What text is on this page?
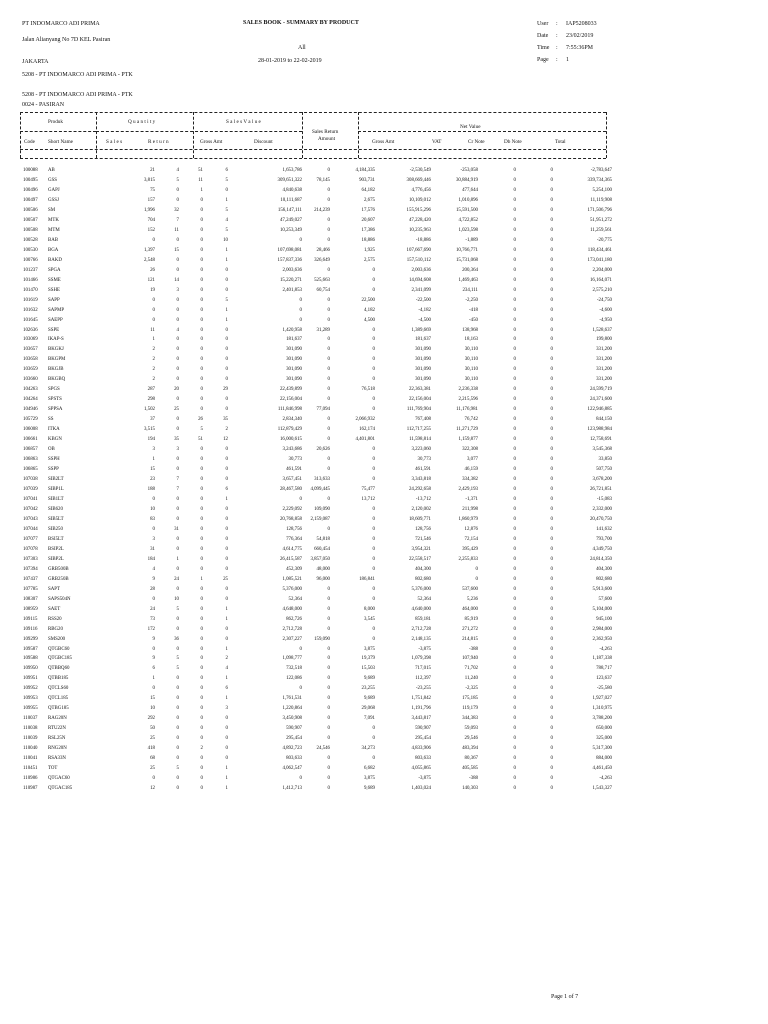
PT INDOMARCO ADI PRIMA
Jalan Alianyang No 7D KEL Pasiran
JAKARTA
SALES BOOK - SUMMARY BY PRODUCT
All
28-01-2019 to 22-02-2019
User : IAP5208033
Date : 23/02/2019
Time : 7:55:36PM
Page : 1
5208 - PT INDOMARCO ADI PRIMA - PTK
5208 - PT INDOMARCO ADI PRIMA - PTK
0024 - PASIRAN
Produk
Code	Short Name
Q u a n t i t y
S a l e s	R e t u r n
S a l e s V a l u e
Gross Amt	Discount
Sales Return
Amount
Net Value
Gross Amt	VAT	Cr Note	Db Note	Total
100088 AB	21	4	51	6	1,653,786	0	4,184,335	-2,530,549	-253,058	0	0	-2,783,647
100495 GSS	3,815	5	11	5	309,651,322	78,145	903,731	308,669,446	30,884,919	0	0	339,734,365
100496 GAPJ	75	0	1	0	4,840,638	0	64,182	4,776,456	477,644	0	0	5,254,100
100497 GSSJ	157	0	0	1	10,111,687	0	2,675	10,109,012	1,010,896	0	0	11,119,908
100506 SM	1,996	32	0	5	156,147,111 214,239	17,576	155,915,296	15,591,500	0	0	171,506,796
100507 MTK	704	7	0	4	47,249,027	0	20,607	47,228,420	4,722,852	0	0	51,951,272
100508 MTM	152	11	0	5	10,253,349	0	17,386	10,235,963	1,023,598	0	0	11,259,561
100528 BAB	0	0	0	10	0	0	18,886	-18,886	-1,889	0	0	-20,775
100530 BGA	1,397	15	0	1	107,698,081	28,466	1,925	107,667,690	10,766,771	0	0	118,434,461
100766 BAKD	2,548	0	0	1	157,837,336 326,649	2,575	157,510,112	15,731,068	0	0	173,041,180
101237 SPGA	26	0	0	0	2,003,636	0	0	2,003,636	200,364	0	0	2,204,000
101466 SSME	121	14	0	0	15,220,271 525,663	0	14,694,608	1,469,463	0	0	16,164,071
101470 SSHE	19	3	0	0	2,401,853	60,754	0	2,341,099	234,111	0	0	2,575,210
101619 SAPP	0	0	0	5	0	0	22,500	-22,500	-2,250	0	0	-24,750
101632 SAPMP	0	0	0	1	0	0	4,182	-4,182	-418	0	0	-4,600
101645 SAEPP	0	0	0	1	0	0	4,500	-4,500	-450	0	0	-4,950
102636 SSPE	11	4	0	0	1,420,958	31,289	0	1,389,669	138,968	0	0	1,528,637
103069 IKAP-S	1	0	0	0	181,637	0	0	181,637	18,163	0	0	199,800
103657 BKGKJ	2	0	0	0	301,090	0	0	301,090	30,110	0	0	331,200
103658 BKGPM	2	0	0	0	301,090	0	0	301,090	30,110	0	0	331,200
103659 BKGJB	2	0	0	0	301,090	0	0	301,090	30,110	0	0	331,200
103660 BKGBQ	2	0	0	0	301,090	0	0	301,090	30,110	0	0	331,200
104263 SPGS	287	20	0	29	22,439,899	0	76,518	22,363,381	2,236,338	0	0	24,599,719
104264 SPSTS	298	0	0	0	22,156,004	0	0	22,156,004	2,215,596	0	0	24,371,600
104946 SPPSA	1,502	25	0	0	111,846,998	77,094	0	111,769,904	11,176,981	0	0	122,946,885
105729 SS	37	0	26	35	2,834,340	0	2,066,932	767,408	76,742	0	0	844,150
106008 ITKA	3,515	0	5	2	112,879,429	0	162,174	112,717,255	11,271,729	0	0	123,988,984
106661 KBGN	194	35	51	12	16,000,615	0	4,401,801	11,598,814	1,159,877	0	0	12,758,691
106857 OB	3	3	0	0	3,243,686	20,626	0	3,223,060	322,308	0	0	3,545,368
106863 SSPH	1	0	0	0	30,773	0	0	30,773	3,077	0	0	33,850
106865 SSPP	15	0	0	0	461,591	0	0	461,591	46,159	0	0	507,750
107038 SIB2LT	23	7	0	0	3,657,451 313,633	0	3,343,818	334,382	0	0	3,678,200
107039 SIBP1L	188	7	0	6	28,467,580 4,099,445	75,477	24,292,658	2,429,193	0	0	26,721,851
107041 SIB1LT	0	0	0	1	0	0	13,712	-13,712	-1,371	0	0	-15,083
107042 SIB620	10	0	0	0	2,229,092 109,090	0	2,120,002	211,998	0	0	2,332,000
107043 SIB5LT	83	0	0	0	20,768,858 2,159,087	0	18,609,771	1,860,979	0	0	20,470,750
107044 SIB250	0	31	0	0	128,756	0	0	128,756	12,876	0	0	141,632
107077 BSI5LT	3	0	0	0	776,364	54,818	0	721,546	72,154	0	0	793,700
107078 BSIP2L	31	0	0	0	4,614,775 660,454	0	3,954,321	395,429	0	0	4,349,750
107303 SIBP2L	184	1	0	0	26,415,587 3,857,050	0	22,558,517	2,255,833	0	0	24,814,350
107394 GRB500B	4	0	0	0	452,309	48,000	0	404,300	0	0	0	404,300
107437 GRB250B	9	24	1	25	1,085,521	96,000	186,841	802,680	0	0	0	802,680
107785 SAPT	28	0	0	0	5,376,000	0	0	5,376,000	537,600	0	0	5,913,600
108307 SAPS504N	0	10	0	0	52,364	0	0	52,364	5,236	0	0	57,600
108959 SAET	24	5	0	1	4,648,000	0	8,000	4,640,000	464,000	0	0	5,104,000
109115 RSS20	73	0	0	1	862,726	0	3,545	859,181	85,919	0	0	945,100
109116 RBG20	172	0	0	0	2,712,728	0	0	2,712,728	271,272	0	0	2,984,000
109299 SMS200	9	36	0	0	2,307,227 159,090	0	2,148,135	214,815	0	0	2,362,950
109587 QTGBC60	0	0	0	1	0	0	3,875	-3,875	-388	0	0	-4,263
109588 QTGBC185	9	5	0	2	1,098,777	0	19,379	1,079,398	107,940	0	0	1,187,338
109950 QTBBQ60	6	5	0	4	732,518	0	15,503	717,015	71,702	0	0	788,717
109951 QTBB185	1	0	0	1	122,086	0	9,689	112,397	11,240	0	0	123,637
109952 QTCLS60	0	0	0	6	0	0	23,255	-23,255	-2,325	0	0	-25,580
109953 QTCL185	15	0	0	1	1,761,531	0	9,689	1,751,842	175,185	0	0	1,927,027
109955 QTBG185	10	0	0	3	1,220,864	0	29,068	1,191,796	119,179	0	0	1,310,975
110037 RAG20N	292	0	0	0	3,450,908	0	7,091	3,443,817	344,383	0	0	3,788,200
110038 RTU22N	50	0	0	0	590,907	0	0	590,907	59,093	0	0	650,000
110039 RSL25N	25	0	0	0	295,454	0	0	295,454	29,546	0	0	325,000
110040 RNG20N	418	0	2	0	4,892,723	24,546	34,273	4,833,906	483,394	0	0	5,317,300
110041 RSA33N	68	0	0	0	803,633	0	0	803,633	80,367	0	0	884,000
110451 TOT	25	5	0	1	4,062,547	0	6,682	4,055,865	405,585	0	0	4,461,450
110986 QTGAC60	0	0	0	1	0	0	3,875	-3,875	-388	0	0	-4,263
110987 QTGAC185	12	0	0	1	1,412,713	0	9,689	1,403,024	140,303	0	0	1,543,327
Page 1 of 7
